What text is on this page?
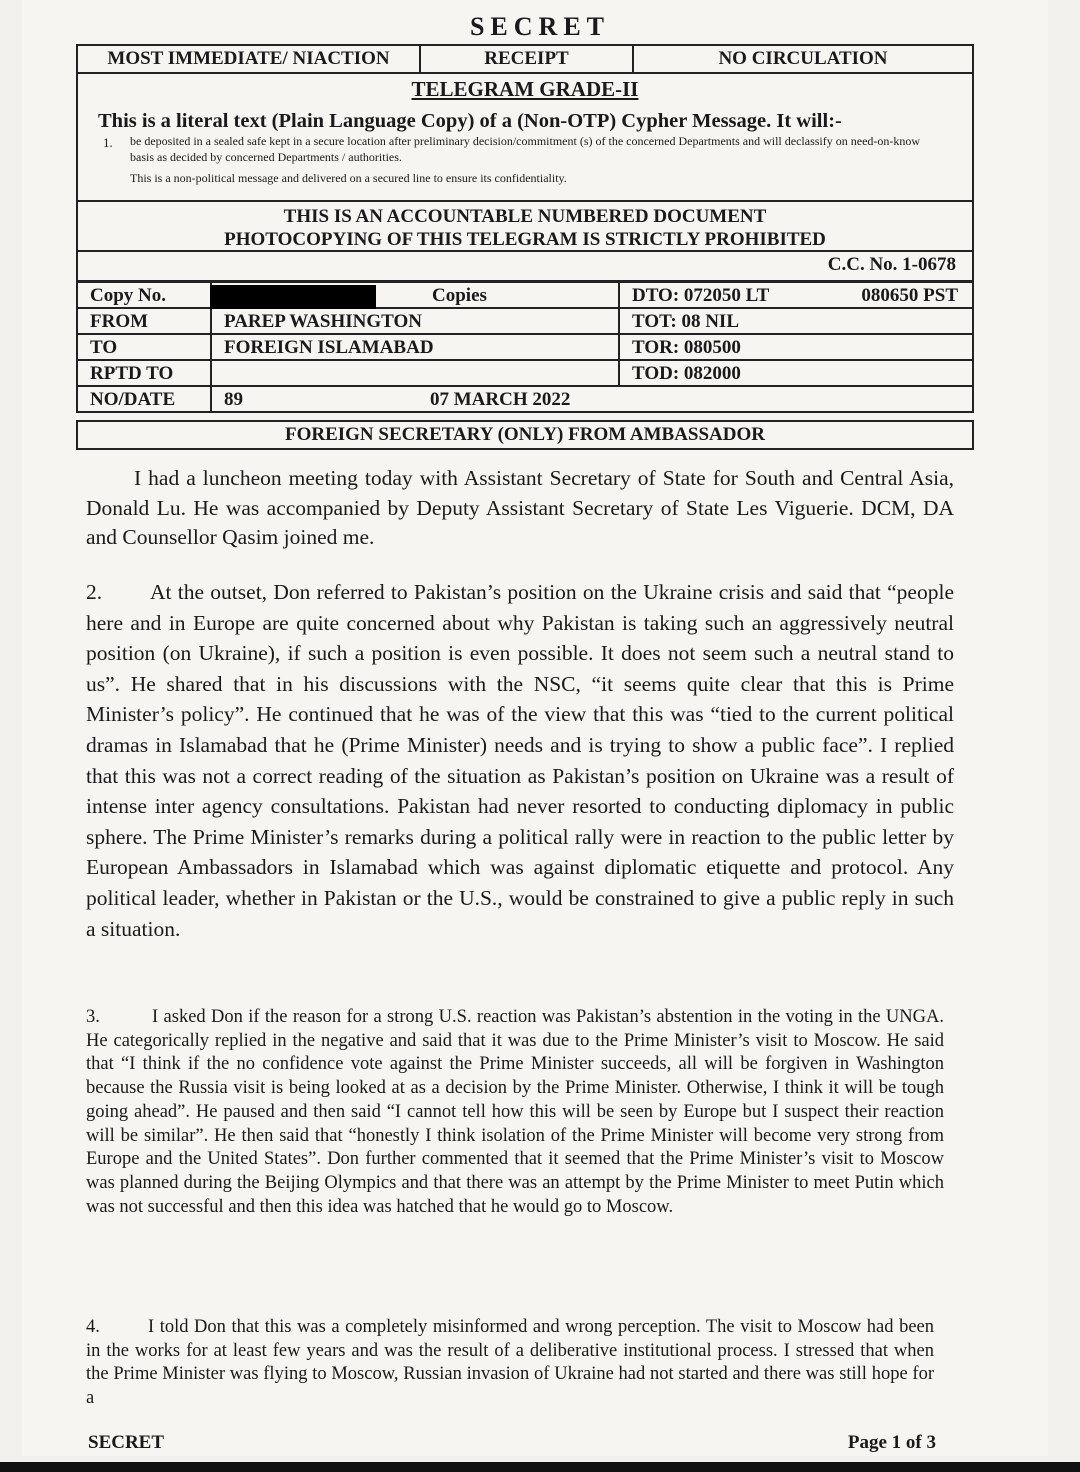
SECRET
MOST IMMEDIATE/ NIACTION	RECEIPT	NO CIRCULATION
TELEGRAM GRADE-II
This is a literal text (Plain Language Copy) of a (Non-OTP) Cypher Message. It will:-
1. be deposited in a sealed safe kept in a secure location after preliminary decision/commitment (s) of the concerned Departments and will declassify on need-on-know basis as decided by concerned Departments / authorities.
This is a non-political message and delivered on a secured line to ensure its confidentiality.
THIS IS AN ACCOUNTABLE NUMBERED DOCUMENT
PHOTOCOPYING OF THIS TELEGRAM IS STRICTLY PROHIBITED
C.C. No. 1-0678
Copy No.	Copies	DTO: 072050 LT 080650 PST

FROM	PAREP WASHINGTON	TOT: 08 NIL
TO	FOREIGN ISLAMABAD	TOR: 080500
RPTD TO		TOD: 082000
NO/DATE	89 07 MARCH 2022	
FOREIGN SECRETARY (ONLY) FROM AMBASSADOR
I had a luncheon meeting today with Assistant Secretary of State for South and Central Asia, Donald Lu. He was accompanied by Deputy Assistant Secretary of State Les Viguerie. DCM, DA and Counsellor Qasim joined me.
2. At the outset, Don referred to Pakistan’s position on the Ukraine crisis and said that “people here and in Europe are quite concerned about why Pakistan is taking such an aggressively neutral position (on Ukraine), if such a position is even possible. It does not seem such a neutral stand to us”. He shared that in his discussions with the NSC, “it seems quite clear that this is Prime Minister’s policy”. He continued that he was of the view that this was “tied to the current political dramas in Islamabad that he (Prime Minister) needs and is trying to show a public face”. I replied that this was not a correct reading of the situation as Pakistan’s position on Ukraine was a result of intense inter agency consultations. Pakistan had never resorted to conducting diplomacy in public sphere. The Prime Minister’s remarks during a political rally were in reaction to the public letter by European Ambassadors in Islamabad which was against diplomatic etiquette and protocol. Any political leader, whether in Pakistan or the U.S., would be constrained to give a public reply in such a situation.
3.	I asked Don if the reason for a strong U.S. reaction was Pakistan’s abstention in the voting in the UNGA. He categorically replied in the negative and said that it was due to the Prime Minister’s visit to Moscow. He said that “I think if the no confidence vote against the Prime Minister succeeds, all will be forgiven in Washington because the Russia visit is being looked at as a decision by the Prime Minister. Otherwise, I think it will be tough going ahead”. He paused and then said “I cannot tell how this will be seen by Europe but I suspect their reaction will be similar”. He then said that “honestly I think isolation of the Prime Minister will become very strong from Europe and the United States”. Don further commented that it seemed that the Prime Minister’s visit to Moscow was planned during the Beijing Olympics and that there was an attempt by the Prime Minister to meet Putin which was not successful and then this idea was hatched that he would go to Moscow.
4.	I told Don that this was a completely misinformed and wrong perception. The visit to Moscow had been in the works for at least few years and was the result of a deliberative institutional process. I stressed that when the Prime Minister was flying to Moscow, Russian invasion of Ukraine had not started and there was still hope for a
SECRET	Page 1 of 3
